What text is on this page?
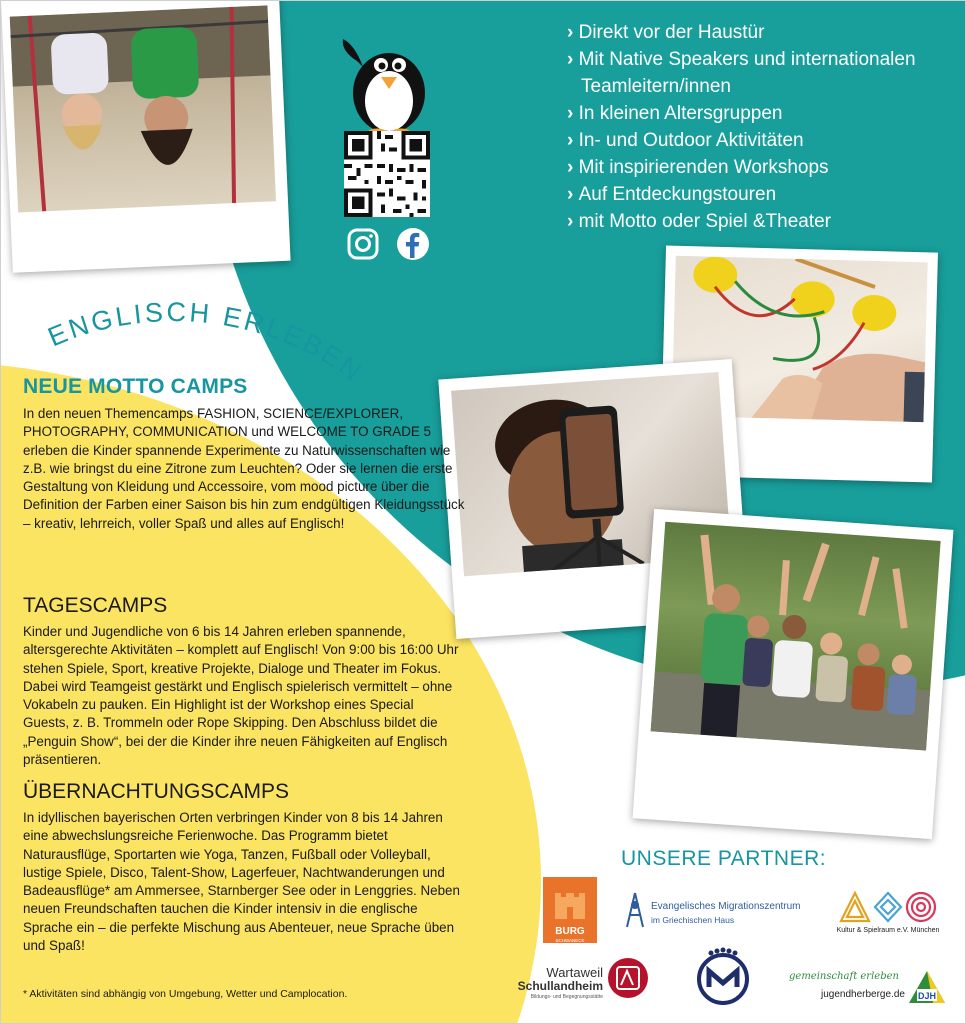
› Direkt vor der Haustür
› Mit Native Speakers und internationalen Teamleitern/innen
› In kleinen Altersgruppen
› In- und Outdoor Aktivitäten
› Mit inspirierenden Workshops
› Auf Entdeckungstouren
› mit Motto oder Spiel &Theater
ENGLISCH ERLEBEN
NEUE MOTTO CAMPS

In den neuen Themencamps FASHION, SCIENCE/EXPLORER, PHOTOGRAPHY, COMMUNICATION und WELCOME TO GRADE 5 erleben die Kinder spannende Experimente zu Naturwissenschaften wie z.B. wie bringst du eine Zitrone zum Leuchten? Oder sie lernen die erste Gestaltung von Kleidung und Accessoire, vom mood picture über die Definition der Farben einer Saison bis hin zum endgültigen Kleidungsstück – kreativ, lehrreich, voller Spaß und alles auf Englisch!

TAGESCAMPS

Kinder und Jugendliche von 6 bis 14 Jahren erleben spannende, altersgerechte Aktivitäten – komplett auf Englisch! Von 9:00 bis 16:00 Uhr stehen Spiele, Sport, kreative Projekte, Dialoge und Theater im Fokus. Dabei wird Teamgeist gestärkt und Englisch spielerisch vermittelt – ohne Vokabeln zu pauken. Ein Highlight ist der Workshop eines Special Guests, z. B. Trommeln oder Rope Skipping. Den Abschluss bildet die „Penguin Show“, bei der die Kinder ihre neuen Fähigkeiten auf Englisch präsentieren.

ÜBERNACHTUNGSCAMPS

In idyllischen bayerischen Orten verbringen Kinder von 8 bis 14 Jahren eine abwechslungsreiche Ferienwoche. Das Programm bietet Naturausflüge, Sportarten wie Yoga, Tanzen, Fußball oder Volleyball, lustige Spiele, Disco, Talent-Show, Lagerfeuer, Nachtwanderungen und Badeausflüge* am Ammersee, Starnberger See oder in Lenggries. Neben neuen Freundschaften tauchen die Kinder intensiv in die englische Sprache ein – die perfekte Mischung aus Abenteuer, neue Sprache üben und Spaß!

* Aktivitäten sind abhängig von Umgebung, Wetter und Camplocation.
UNSERE PARTNER:
BURG
SCHWANECK
Evangelisches Migrationszentrum
im Griechischen Haus
Kultur & Spielraum e.V. München
Wartaweil
Schullandheim
Bildungs- und Begegnungsstätte
gemeinschaft erleben
jugendherberge.de DJH
